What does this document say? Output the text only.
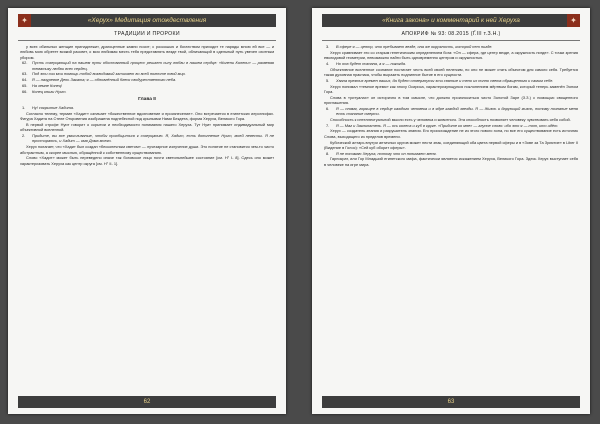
✦	«Херух» Медитация отождествления
ТРАДИЦИИ И ПРОРОКИ

у всех обильных женщин принадлежит, драгоценные камни носит; с роскошью и богатством приходит те наряды мною ей все — и любовь мою обретет всякий рассвет, о моя любимая месть тебя представлять везде твой, обличающий в сдельный путь увечен охотным убором.

62. Пусть созерцающий на нашем пути обоснованный процесс решает силу любви в нашем сердце: «Колени Колени» — развевая тематику любви всех сердец.

63. Под эти очи мои помощь тобой возводимый затихает во всей полноте твой мир.

64. Я — лазуревое День Заката; я — обновлённый блеск сводурественного неба.

65. На земле Конец!

66. Конец книги Нуит.

Глава II

1. Ну! сокрытие Хадита.

Согласно телему, термин «Хадит» означает «божественное вдохновение и произнесение». Оно встречается в египетских иероглифах. Фигура Хадита на Стеле Откровения изображена поднебесной под крыльями Нами Бекдета, форма Херуха, Великого Гора.

В первой строфе Нуит говорит о скрытии и необходимости понимания нашего Херуха. Тут Нуит принимает индивидуальный мир объективной вселенной.

2. Придите, вы все умысливаные, чтобы приобщиться к созерцанию. Я, Хадит, есть дополнение Нуит, моей невесты. Я не простираюсь, и Хадит — имя Дома моего.

Херух полагает, что «Хадит был создан «бесконечным светом» — лучезарное излучение души. Это понятие не становится чем-то чисто абстрактным, а скорее мыслью, обращённой к собственному существованию.

Слово «Хадит» может быть переведено иначе так боговское лицо почти светильнейшее состояние [см. Н° I‑ 8]. Сдесь оно может характеризовать Херуха как центр округа [см. Н° II‑ 1].

62
✦
«Книга закона» и комментарий к ней Херуха
АПОКРИФ № 93: 08.2015 (Ґ.ІІІ т.З.Н.)

3. В сфере я — центр, что пребывает везде, она же окружность, которой нет нигде.

Херух сравнивает это со старым генетическим определением бога: «Он — сфера, где центр везде, а окружность нигде». С точки зрения евклидовой геометрии, невозможно найти быть одновременно центром и окружностью.

4. Но она будет познана, а я — никогда.

Объективное вселенное сознание постигает честь всей своей нелегким, но оно не может стать объектом для самого себя. Требуется такая духовная практика, чтобы выразить подлинное бытие в его сущности.

5. Хвала прежних времен ваших, да будет отвергнуты эти святые и тело их полно света обращенного к самим себе.

Херух понимал «темное время» как эпоху Осириса, характеризующуюся поклонением мёртвым богам, который теперь заменён Эоном Гора.

Слова в «ритуалах» он исторично в том смысле, что должно произноситься чисто Золотой Заре (З.З.) с помощью священного приглашения.

6. Я — пламя, горящее в сердце каждого человека и в ядре каждой звезды. Я — Жизнь и дарующий жизнь, потому познание меня есть познание смерти.

Способность к интеллектуальной мысли есть у человека и животного. Эта способность позволяет человеку чувствовать себя собой.

7. Я — Маг и Заклинатель. Я — ось колеса и куб в круге. «Придите ко мне» — глупое слово: ибо это я — тот, кто идёт.

Херух — создатель знания и разрушитель знания. Его происхождение не из этого нового эона, но все его существование есть источник Слова, выходящего из пределов времени.

Кубический алтарь внутри античных кругов может нести знак, соединяющий оба цвета первой сферы и в «Зове за Та Зриятие» в Liber II (Видение в Голос): «Сей куб оборит сферы».

8. Я не понимаю Херуха, потому что он понимает меня.

Гарпократ, или Гор Младший египетского мифа, фактически является искажением Херуха, Великого Гора. Здесь Херух выступает себя в человеке на игре мира.

63
